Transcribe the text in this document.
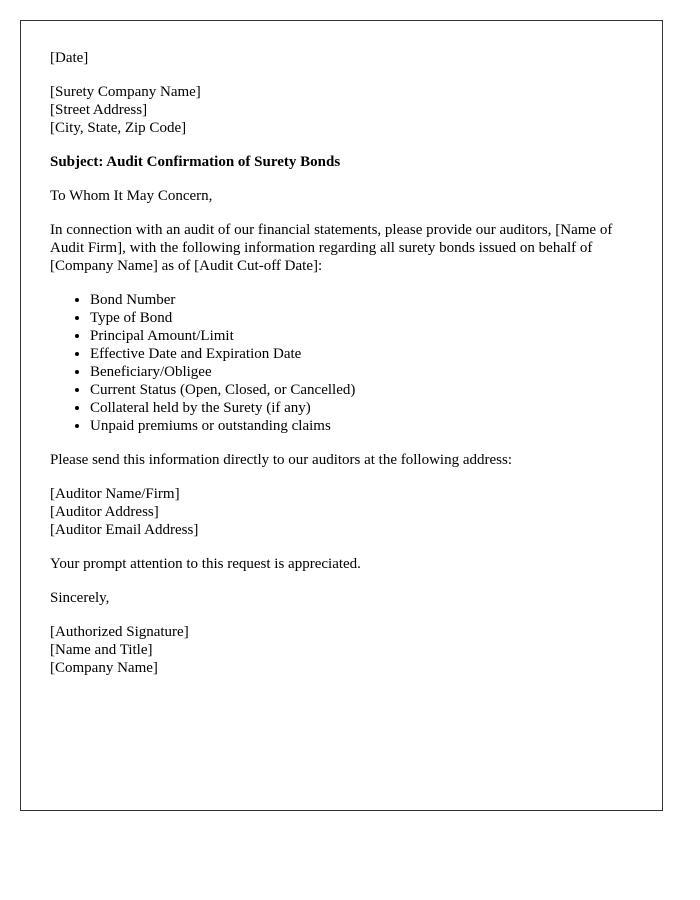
[Date]

[Surety Company Name]
[Street Address]
[City, State, Zip Code]

Subject: Audit Confirmation of Surety Bonds

To Whom It May Concern,

In connection with an audit of our financial statements, please provide our auditors, [Name of Audit Firm], with the following information regarding all surety bonds issued on behalf of [Company Name] as of [Audit Cut-off Date]:

• Bond Number
• Type of Bond
• Principal Amount/Limit
• Effective Date and Expiration Date
• Beneficiary/Obligee
• Current Status (Open, Closed, or Cancelled)
• Collateral held by the Surety (if any)
• Unpaid premiums or outstanding claims

Please send this information directly to our auditors at the following address:

[Auditor Name/Firm]
[Auditor Address]
[Auditor Email Address]

Your prompt attention to this request is appreciated.

Sincerely,

[Authorized Signature]
[Name and Title]
[Company Name]
